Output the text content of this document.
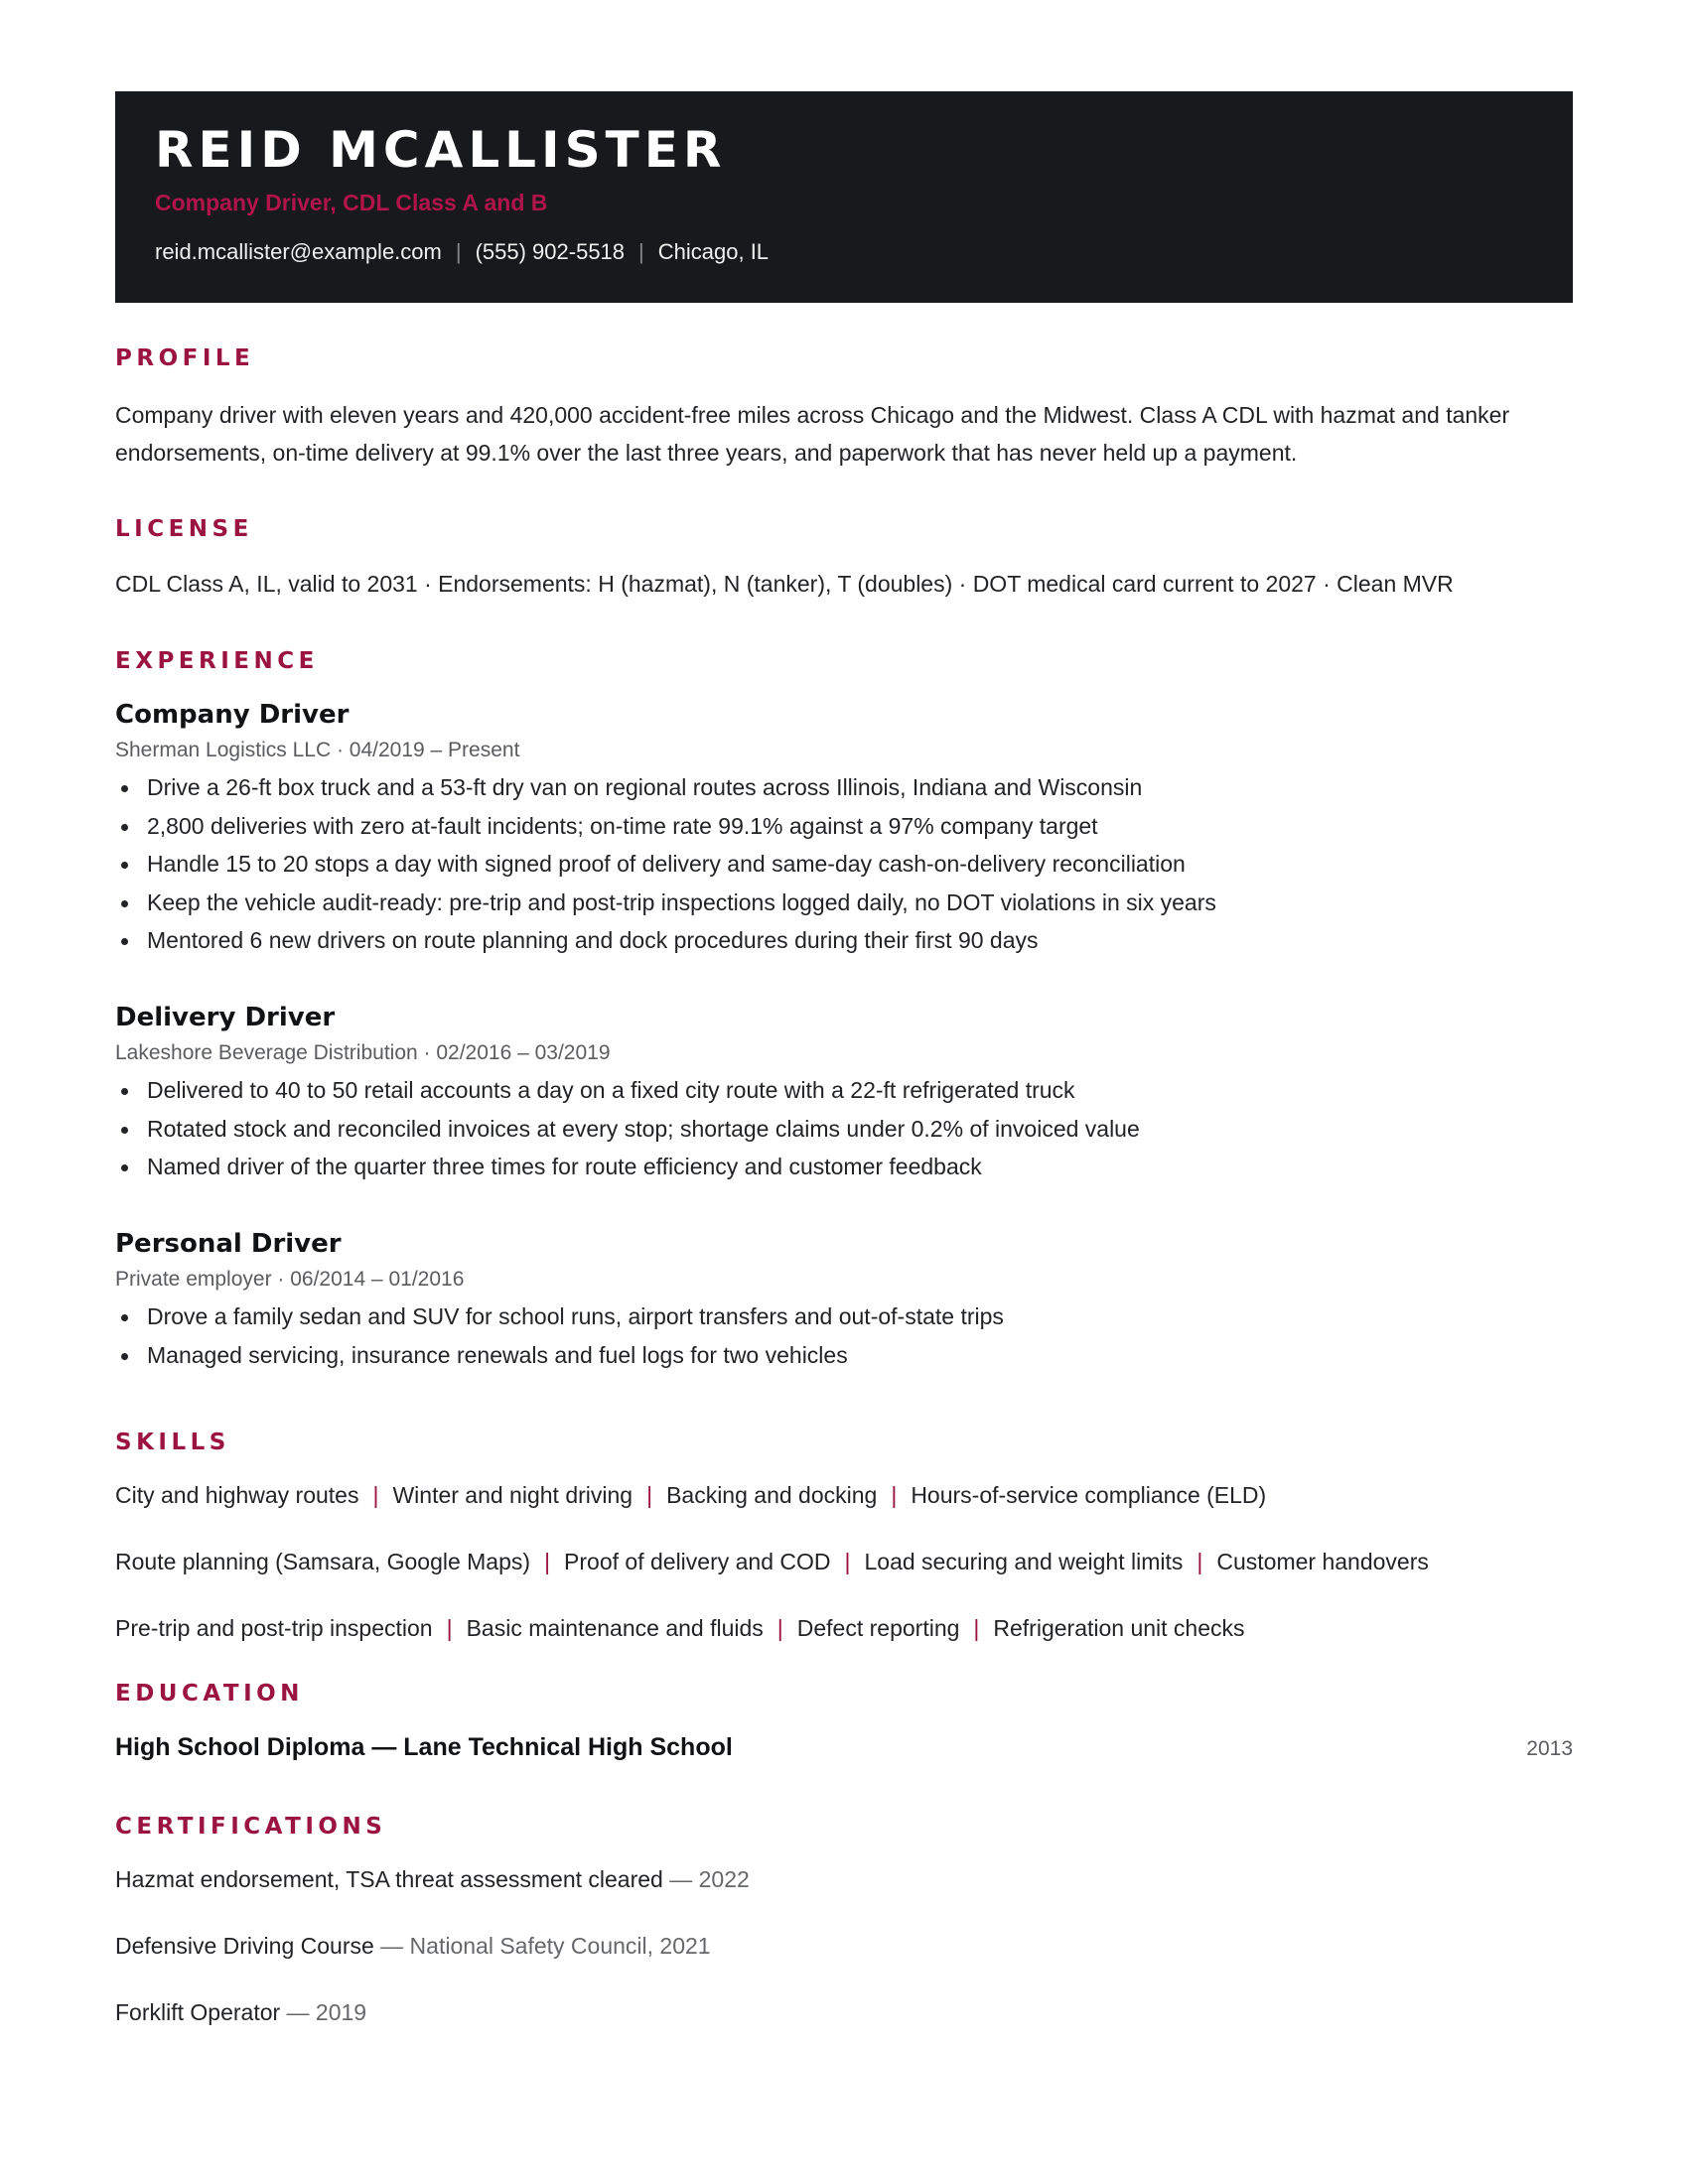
REID MCALLISTER
Company Driver, CDL Class A and B
reid.mcallister@example.com | (555) 902-5518 | Chicago, IL
PROFILE

Company driver with eleven years and 420,000 accident-free miles across Chicago and the Midwest. Class A CDL with hazmat and tanker endorsements, on-time delivery at 99.1% over the last three years, and paperwork that has never held up a payment.

LICENSE

CDL Class A, IL, valid to 2031 · Endorsements: H (hazmat), N (tanker), T (doubles) · DOT medical card current to 2027 · Clean MVR

EXPERIENCE
Company Driver
Sherman Logistics LLC · 04/2019 – Present
Drive a 26-ft box truck and a 53-ft dry van on regional routes across Illinois, Indiana and Wisconsin
2,800 deliveries with zero at-fault incidents; on-time rate 99.1% against a 97% company target
Handle 15 to 20 stops a day with signed proof of delivery and same-day cash-on-delivery reconciliation
Keep the vehicle audit-ready: pre-trip and post-trip inspections logged daily, no DOT violations in six years
Mentored 6 new drivers on route planning and dock procedures during their first 90 days
Delivery Driver
Lakeshore Beverage Distribution · 02/2016 – 03/2019
Delivered to 40 to 50 retail accounts a day on a fixed city route with a 22-ft refrigerated truck
Rotated stock and reconciled invoices at every stop; shortage claims under 0.2% of invoiced value
Named driver of the quarter three times for route efficiency and customer feedback
Personal Driver
Private employer · 06/2014 – 01/2016
Drove a family sedan and SUV for school runs, airport transfers and out-of-state trips
Managed servicing, insurance renewals and fuel logs for two vehicles
SKILLS
City and highway routes | Winter and night driving | Backing and docking | Hours-of-service compliance (ELD)
Route planning (Samsara, Google Maps) | Proof of delivery and COD | Load securing and weight limits | Customer handovers
Pre-trip and post-trip inspection | Basic maintenance and fluids | Defect reporting | Refrigeration unit checks
EDUCATION
High School Diploma — Lane Technical High School	2013
CERTIFICATIONS
Hazmat endorsement, TSA threat assessment cleared — 2022
Defensive Driving Course — National Safety Council, 2021
Forklift Operator — 2019
